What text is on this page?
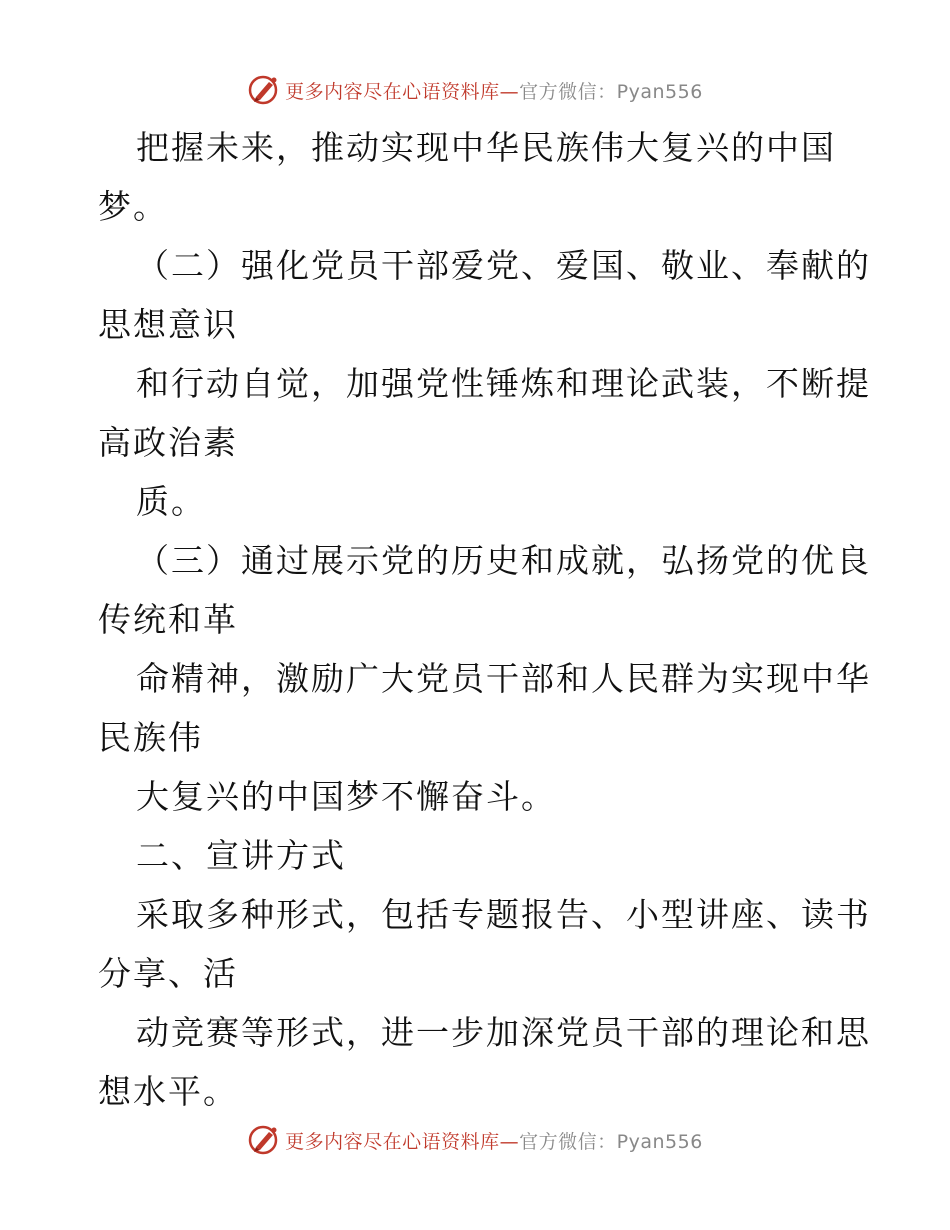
更多内容尽在心语资料库—官方微信：Pyan556
把握未来，推动实现中华民族伟大复兴的中国
梦。
（二）强化党员干部爱党、爱国、敬业、奉献的
思想意识
和行动自觉，加强党性锤炼和理论武装，不断提
高政治素
质。
（三）通过展示党的历史和成就，弘扬党的优良
传统和革
命精神，激励广大党员干部和人民群为实现中华
民族伟
大复兴的中国梦不懈奋斗。
二、宣讲方式
采取多种形式，包括专题报告、小型讲座、读书
分享、活
动竞赛等形式，进一步加深党员干部的理论和思
想水平。
更多内容尽在心语资料库—官方微信：Pyan556
